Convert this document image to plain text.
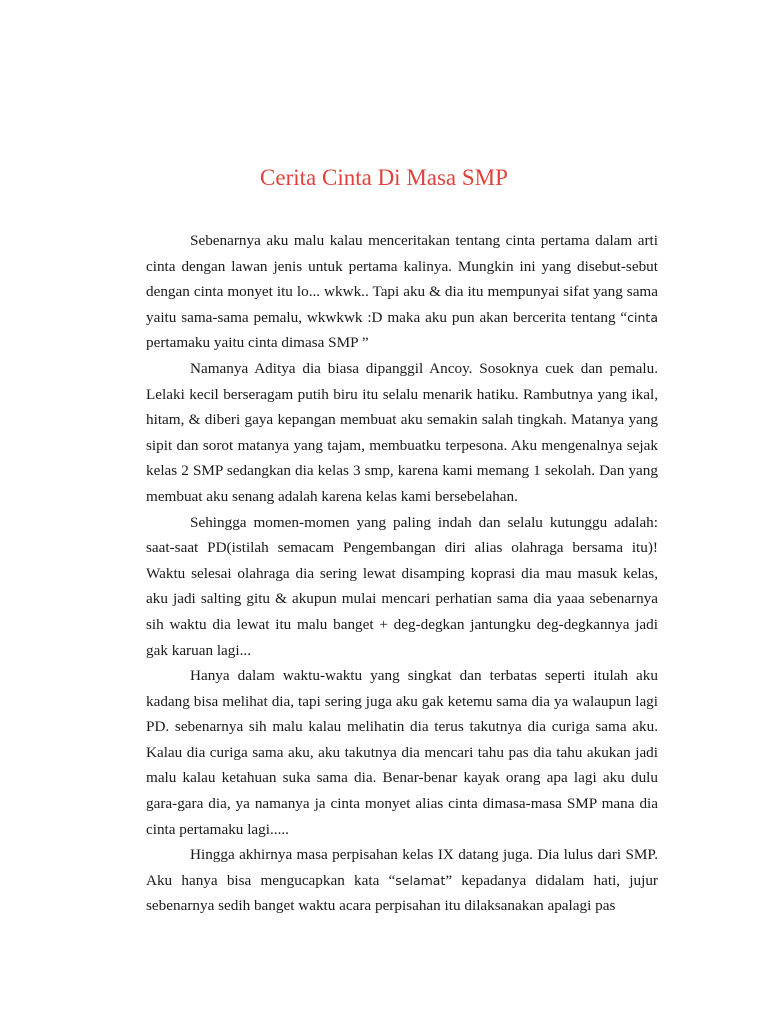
Cerita Cinta Di Masa SMP

Sebenarnya aku malu kalau menceritakan tentang cinta pertama dalam arti cinta dengan lawan jenis untuk pertama kalinya. Mungkin ini yang disebut-sebut dengan cinta monyet itu lo... wkwk.. Tapi aku & dia itu mempunyai sifat yang sama yaitu sama-sama pemalu, wkwkwk :D maka aku pun akan bercerita tentang “cinta pertamaku yaitu cinta dimasa SMP ”

Namanya Aditya dia biasa dipanggil Ancoy. Sosoknya cuek dan pemalu. Lelaki kecil berseragam putih biru itu selalu menarik hatiku. Rambutnya yang ikal, hitam, & diberi gaya kepangan membuat aku semakin salah tingkah. Matanya yang sipit dan sorot matanya yang tajam, membuatku terpesona. Aku mengenalnya sejak kelas 2 SMP sedangkan dia kelas 3 smp, karena kami memang 1 sekolah. Dan yang membuat aku senang adalah karena kelas kami bersebelahan.

Sehingga momen-momen yang paling indah dan selalu kutunggu adalah: saat-saat PD(istilah semacam Pengembangan diri alias olahraga bersama itu)! Waktu selesai olahraga dia sering lewat disamping koprasi dia mau masuk kelas, aku jadi salting gitu & akupun mulai mencari perhatian sama dia yaaa sebenarnya sih waktu dia lewat itu malu banget + deg-degkan jantungku deg-degkannya jadi gak karuan lagi...

Hanya dalam waktu-waktu yang singkat dan terbatas seperti itulah aku kadang bisa melihat dia, tapi sering juga aku gak ketemu sama dia ya walaupun lagi PD. sebenarnya sih malu kalau melihatin dia terus takutnya dia curiga sama aku. Kalau dia curiga sama aku, aku takutnya dia mencari tahu pas dia tahu akukan jadi malu kalau ketahuan suka sama dia. Benar-benar kayak orang apa lagi aku dulu gara-gara dia, ya namanya ja cinta monyet alias cinta dimasa-masa SMP mana dia cinta pertamaku lagi.....

Hingga akhirnya masa perpisahan kelas IX datang juga. Dia lulus dari SMP. Aku hanya bisa mengucapkan kata “selamat” kepadanya didalam hati, jujur sebenarnya sedih banget waktu acara perpisahan itu dilaksanakan apalagi pas
